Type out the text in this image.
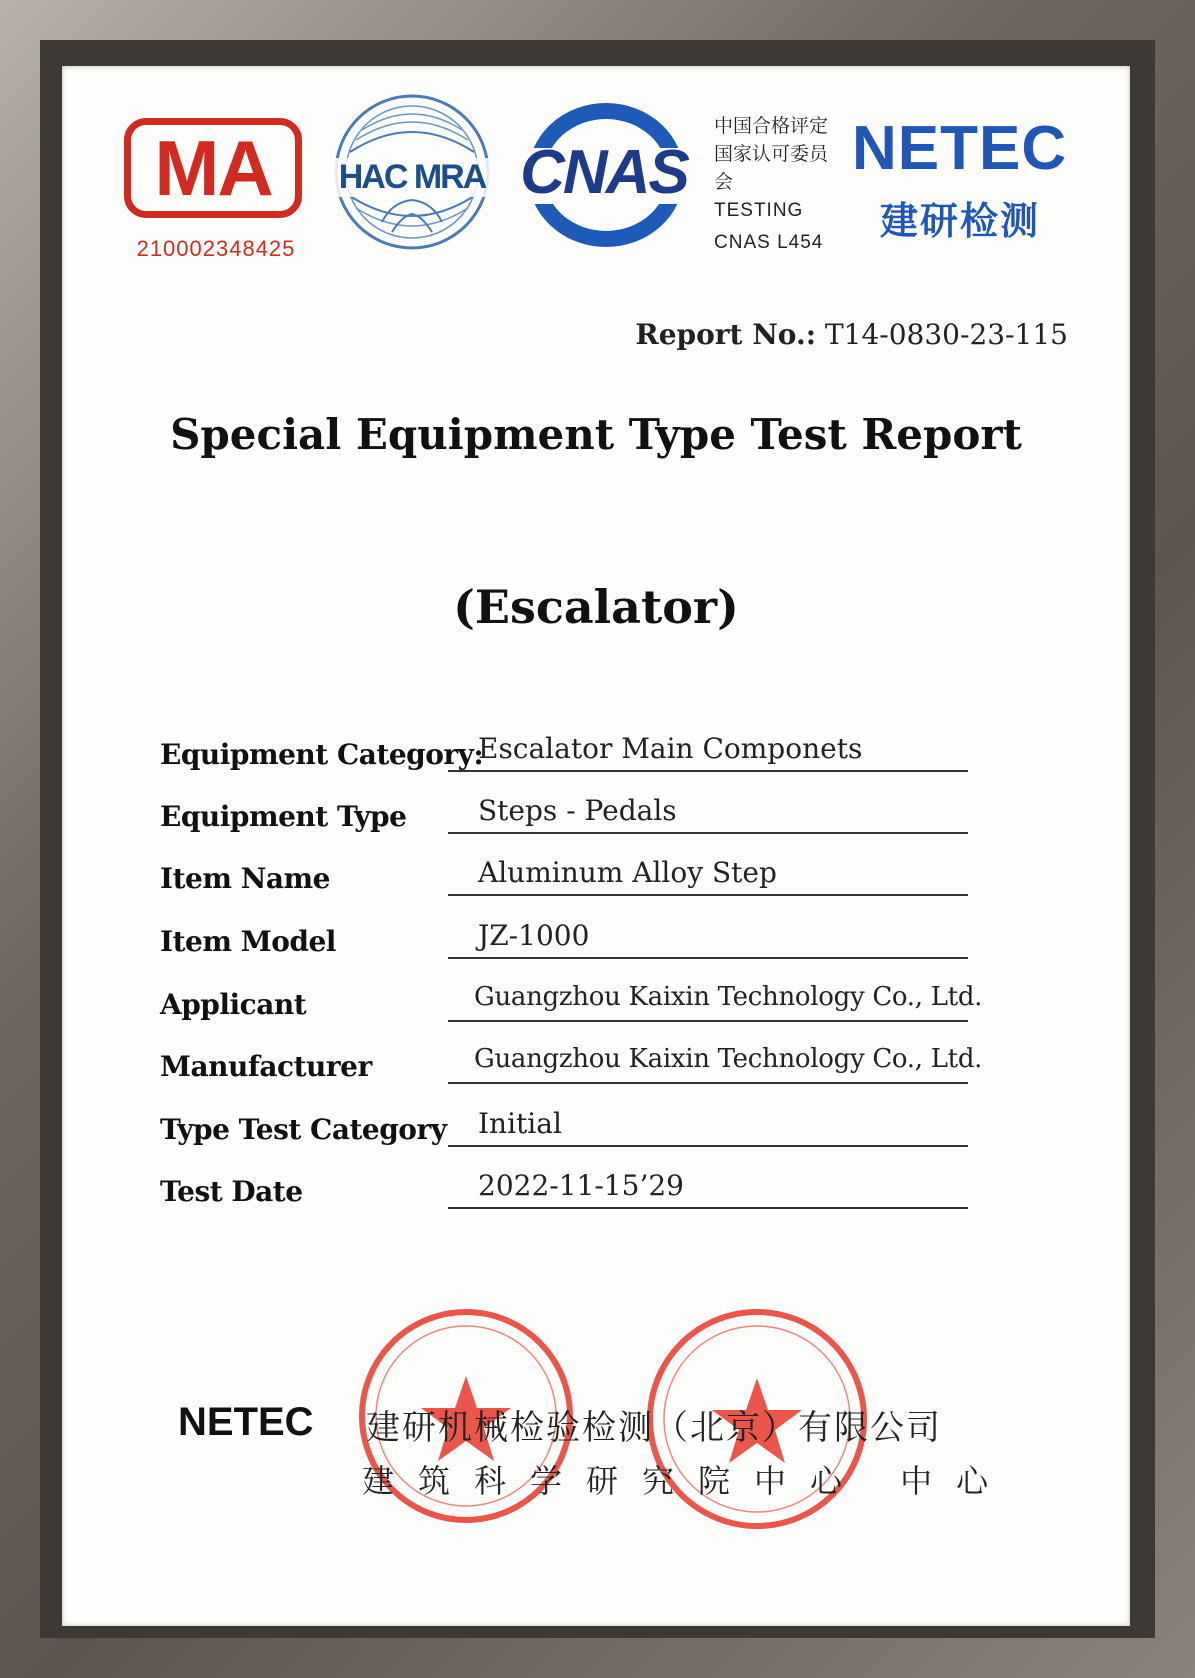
MA
210002348425
HAC MRA CNAS
中国合格评定国家认可委员会
TESTING
CNAS L454
NETEC
建研检测
Report No.: T14-0830-23-115
Special Equipment Type Test Report
(Escalator)
Equipment Category:
Escalator Main Componets
Equipment Type	Steps - Pedals
Item Name	Aluminum Alloy Step
Item Model	JZ-1000
Applicant	Guangzhou Kaixin Technology Co., Ltd.
Manufacturer	Guangzhou Kaixin Technology Co., Ltd.
Type Test Category	Initial
Test Date	2022-11-15’29
NETEC 建研机械检验检测（北京）有限公司
建筑科学研究院中心 中心
